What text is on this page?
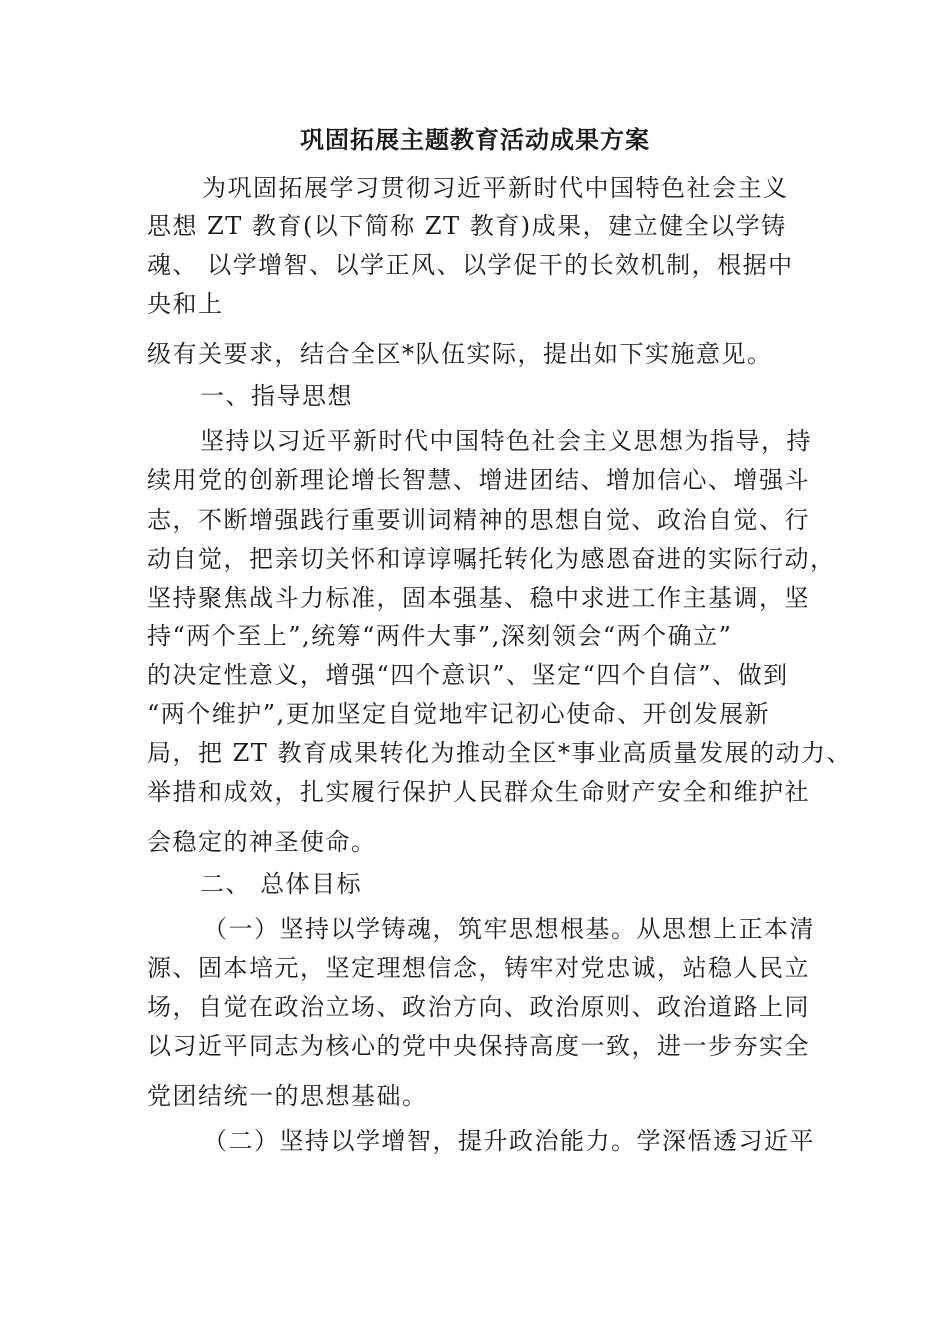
巩固拓展主题教育活动成果方案
为巩固拓展学习贯彻习近平新时代中国特色社会主义
思想 ZT 教育(以下简称 ZT 教育)成果，建立健全以学铸
魂、 以学增智、以学正风、以学促干的长效机制，根据中
央和上
级有关要求，结合全区*队伍实际，提出如下实施意见。
一、指导思想
坚持以习近平新时代中国特色社会主义思想为指导，持
续用党的创新理论增长智慧、增进团结、增加信心、增强斗
志，不断增强践行重要训词精神的思想自觉、政治自觉、行
动自觉，把亲切关怀和谆谆嘱托转化为感恩奋进的实际行动，
坚持聚焦战斗力标准，固本强基、稳中求进工作主基调，坚
持“两个至上”,统筹“两件大事”,深刻领会“两个确立”
的决定性意义，增强“四个意识”、坚定“四个自信”、做到
“两个维护”,更加坚定自觉地牢记初心使命、开创发展新
局，把 ZT 教育成果转化为推动全区*事业高质量发展的动力、
举措和成效，扎实履行保护人民群众生命财产安全和维护社
会稳定的神圣使命。
二、 总体目标
（一）坚持以学铸魂，筑牢思想根基。从思想上正本清
源、固本培元，坚定理想信念，铸牢对党忠诚，站稳人民立
场，自觉在政治立场、政治方向、政治原则、政治道路上同
以习近平同志为核心的党中央保持高度一致，进一步夯实全
党团结统一的思想基础。
（二）坚持以学增智，提升政治能力。学深悟透习近平
